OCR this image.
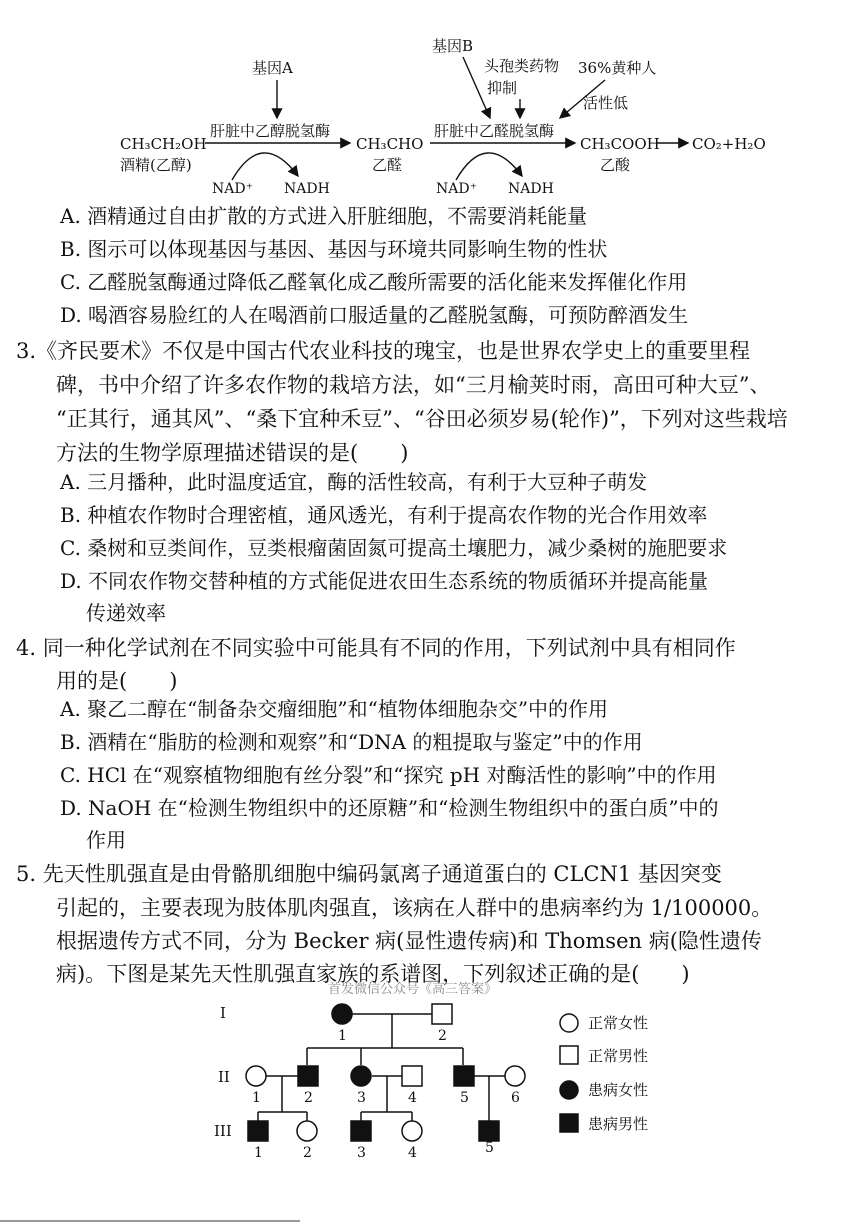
基因A
基因B
头孢类药物
抑制
36%黄种人
活性低
CH₃CH₂OH
酒精(乙醇)
肝脏中乙醇脱氢酶
CH₃CHO
乙醛
肝脏中乙醛脱氢酶
CH₃COOH
乙酸
CO₂+H₂O
NAD⁺ NADH	NAD⁺ NADH
A. 酒精通过自由扩散的方式进入肝脏细胞，不需要消耗能量
B. 图示可以体现基因与基因、基因与环境共同影响生物的性状
C. 乙醛脱氢酶通过降低乙醛氧化成乙酸所需要的活化能来发挥催化作用
D. 喝酒容易脸红的人在喝酒前口服适量的乙醛脱氢酶，可预防醉酒发生
3.《齐民要术》不仅是中国古代农业科技的瑰宝，也是世界农学史上的重要里程
碑，书中介绍了许多农作物的栽培方法，如“三月榆荚时雨，高田可种大豆”、
“正其行，通其风”、“桑下宜种禾豆”、“谷田必须岁易(轮作)”，下列对这些栽培
方法的生物学原理描述错误的是(　　)
A. 三月播种，此时温度适宜，酶的活性较高，有利于大豆种子萌发
B. 种植农作物时合理密植，通风透光，有利于提高农作物的光合作用效率
C. 桑树和豆类间作，豆类根瘤菌固氮可提高土壤肥力，减少桑树的施肥要求
D. 不同农作物交替种植的方式能促进农田生态系统的物质循环并提高能量
传递效率
4. 同一种化学试剂在不同实验中可能具有不同的作用，下列试剂中具有相同作
用的是(　　)
A. 聚乙二醇在“制备杂交瘤细胞”和“植物体细胞杂交”中的作用
B. 酒精在“脂肪的检测和观察”和“DNA 的粗提取与鉴定”中的作用
C. HCl 在“观察植物细胞有丝分裂”和“探究 pH 对酶活性的影响”中的作用
D. NaOH 在“检测生物组织中的还原糖”和“检测生物组织中的蛋白质”中的
作用
5. 先天性肌强直是由骨骼肌细胞中编码氯离子通道蛋白的 CLCN1 基因突变
引起的，主要表现为肢体肌肉强直，该病在人群中的患病率约为 1/100000。
根据遗传方式不同，分为 Becker 病(显性遗传病)和 Thomsen 病(隐性遗传
病)。下图是某先天性肌强直家族的系谱图，下列叙述正确的是(　　)
首发微信公众号《高三答案》
I
II
III
1	2
1	2	3	4	5	6
1	2	3	4	5
正常女性
正常男性
患病女性
患病男性
